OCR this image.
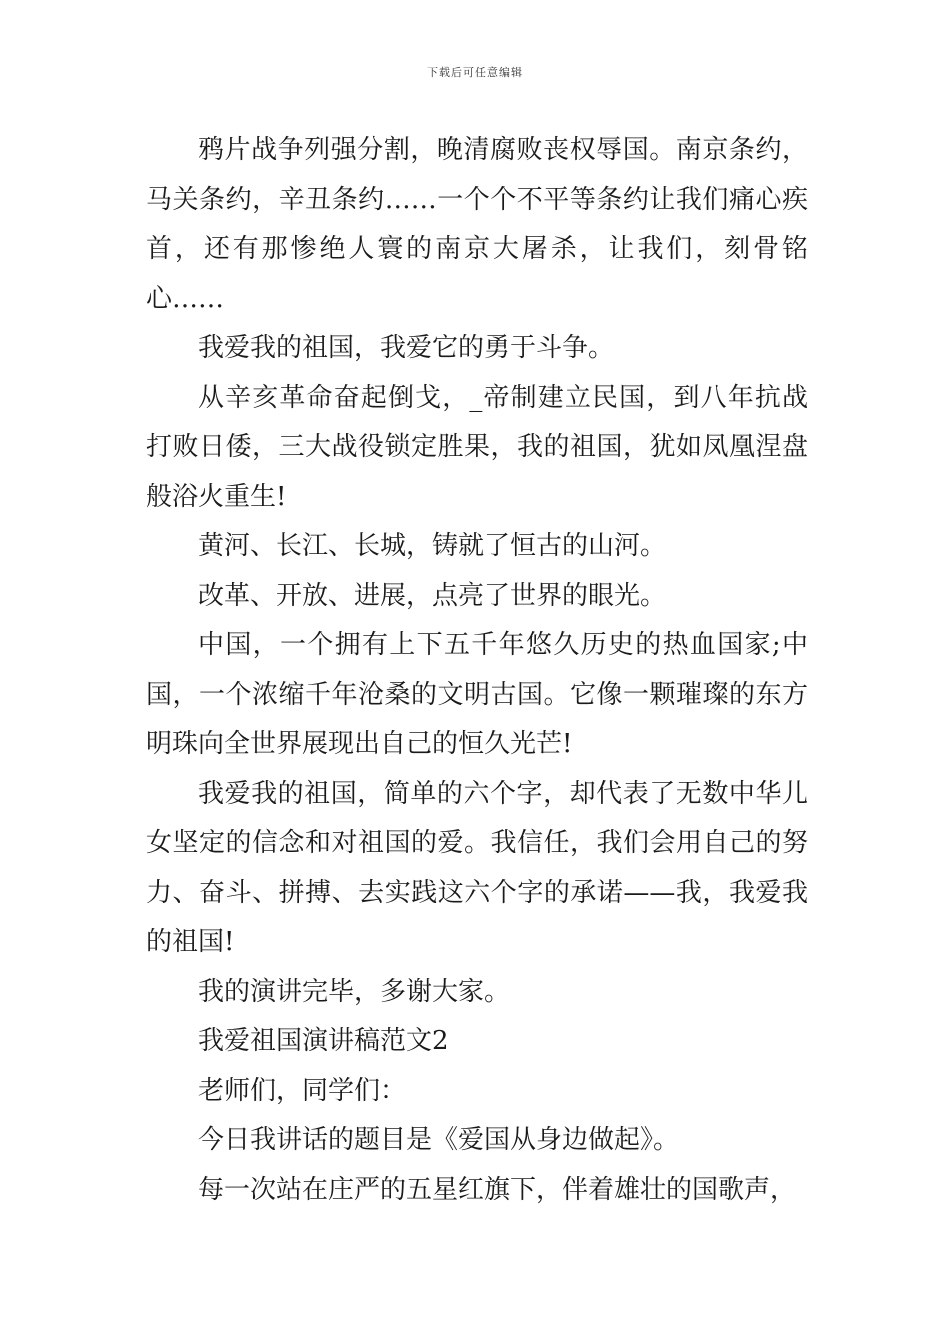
下载后可任意编辑

鸦片战争列强分割，晚清腐败丧权辱国。南京条约，马关条约，辛丑条约……一个个不平等条约让我们痛心疾首，还有那惨绝人寰的南京大屠杀，让我们，刻骨铭心……

我爱我的祖国，我爱它的勇于斗争。

从辛亥革命奋起倒戈，_帝制建立民国，到八年抗战打败日倭，三大战役锁定胜果，我的祖国，犹如凤凰涅盘般浴火重生!

黄河、长江、长城，铸就了恒古的山河。

改革、开放、进展，点亮了世界的眼光。

中国，一个拥有上下五千年悠久历史的热血国家;中国，一个浓缩千年沧桑的文明古国。它像一颗璀璨的东方明珠向全世界展现出自己的恒久光芒!

我爱我的祖国，简单的六个字，却代表了无数中华儿女坚定的信念和对祖国的爱。我信任，我们会用自己的努力、奋斗、拼搏、去实践这六个字的承诺——我，我爱我的祖国!

我的演讲完毕，多谢大家。

我爱祖国演讲稿范文2

老师们，同学们：

今日我讲话的题目是《爱国从身边做起》。

每一次站在庄严的五星红旗下，伴着雄壮的国歌声，
